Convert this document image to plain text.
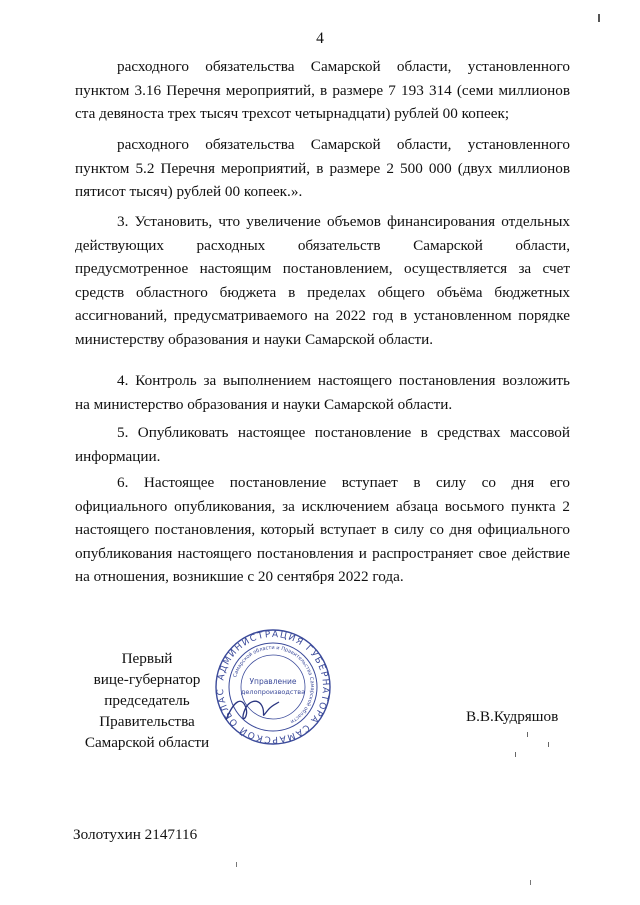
4

расходного обязательства Самарской области, установленного пунктом 3.16 Перечня мероприятий, в размере 7 193 314 (семи миллионов ста девяноста трех тысяч трехсот четырнадцати) рублей 00 копеек;

расходного обязательства Самарской области, установленного пунктом 5.2 Перечня мероприятий, в размере 2 500 000 (двух миллионов пятисот тысяч) рублей 00 копеек.».

3. Установить, что увеличение объемов финансирования отдельных действующих расходных обязательств Самарской области, предусмотренное настоящим постановлением, осуществляется за счет средств областного бюджета в пределах общего объёма бюджетных ассигнований, предусматриваемого на 2022 год в установленном порядке министерству образования и науки Самарской области.

4. Контроль за выполнением настоящего постановления возложить на министерство образования и науки Самарской области.

5. Опубликовать настоящее постановление в средствах массовой информации.

6. Настоящее постановление вступает в силу со дня его официального опубликования, за исключением абзаца восьмого пункта 2 настоящего постановления, который вступает в силу со дня официального опубликования настоящего постановления и распространяет свое действие на отношения, возникшие с 20 сентября 2022 года.

Первый
вице-губернатор
председатель Правительства
Самарской области
АДМИНИСТРАЦИЯ ГУБЕРНАТОРА САМАРСКОЙ ОБЛАС
Самарской области и Правительства Самарской области
Управление
делопроизводства
В.В.Кудряшов
Золотухин 2147116
